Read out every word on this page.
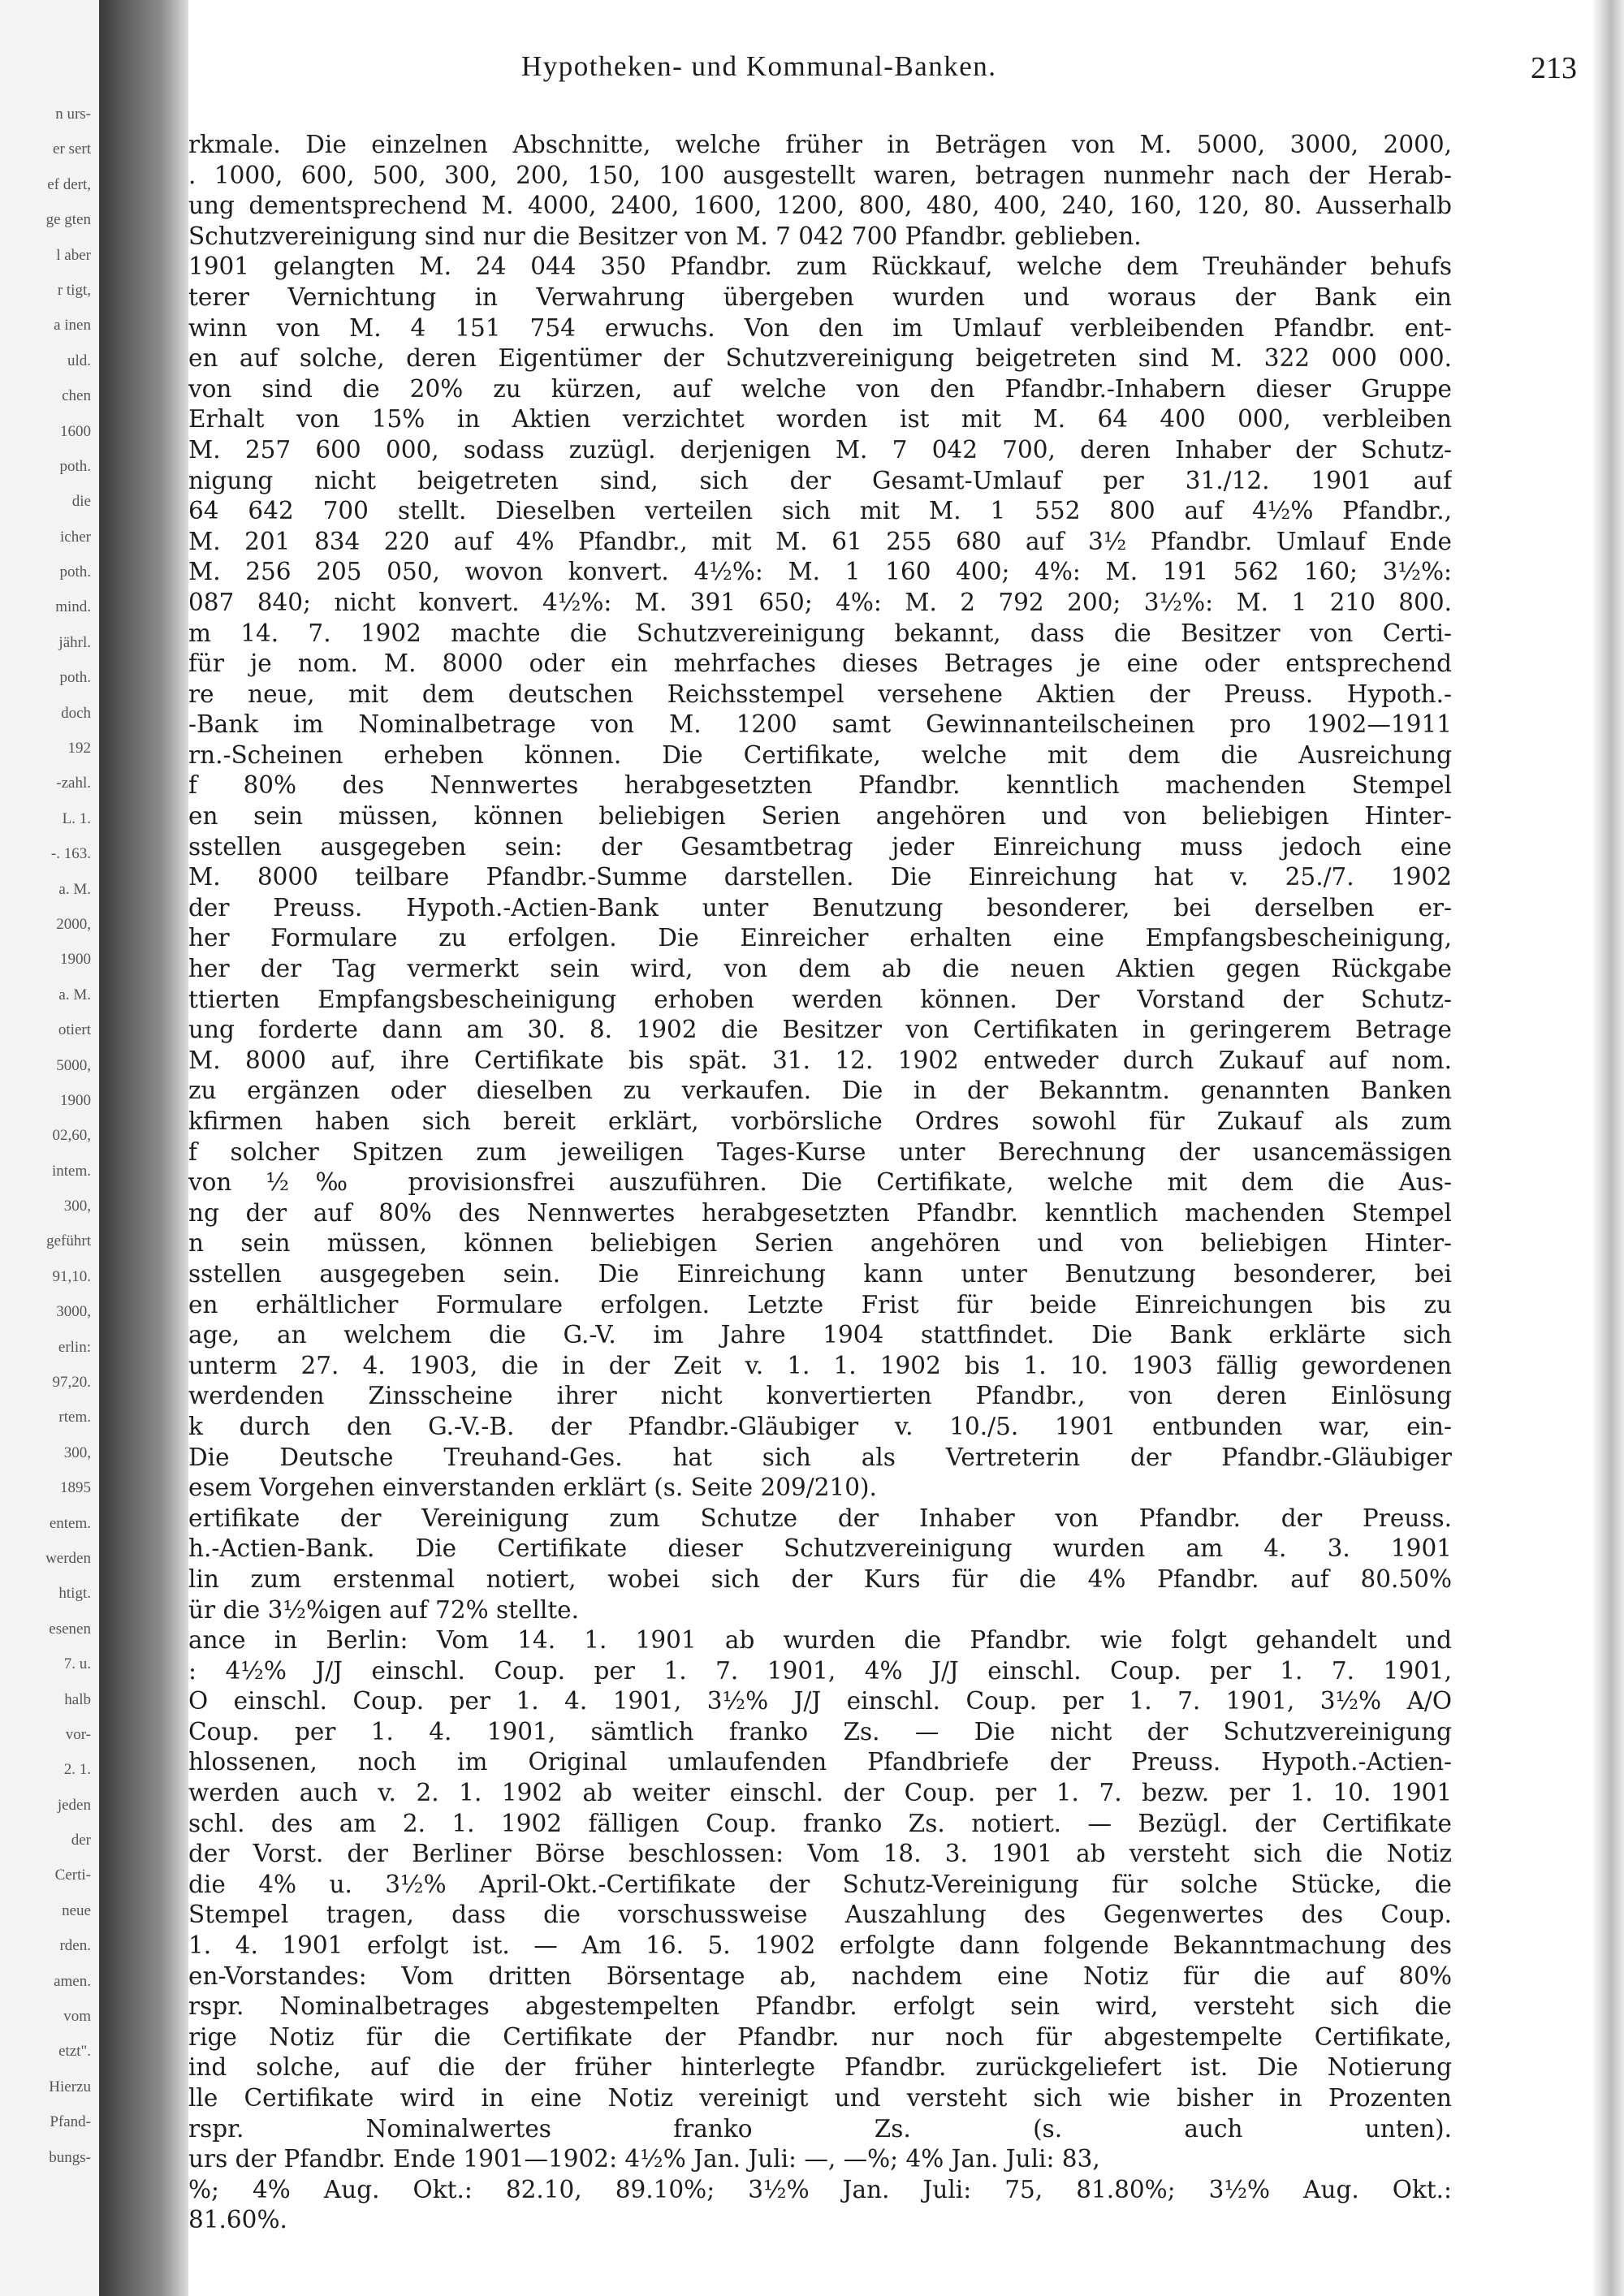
n urs-
er sert
ef dert,
ge gten
l aber
r tigt,
a inen
uld.
chen
1600
poth.
die
icher
poth.
mind.
jährl.
poth.
doch
192
-zahl.
L. 1.
-. 163.
a. M.
2000,
1900
a. M.
otiert
5000,
1900
02,60,
intem.
300,
geführt
91,10.
3000,
erlin:
97,20.
rtem.
300,
1895
entem.
werden
htigt.
esenen
7. u.
halb
vor-
2. 1.
jeden
der
Certi-
neue
rden.
amen.
vom
etzt".
Hierzu
Pfand-
bungs-
Hypotheken- und Kommunal-Banken.	213
rkmale. Die einzelnen Abschnitte, welche früher in Beträgen von M. 5000, 3000, 2000,
. 1000, 600, 500, 300, 200, 150, 100 ausgestellt waren, betragen nunmehr nach der Herab-
ung dementsprechend M. 4000, 2400, 1600, 1200, 800, 480, 400, 240, 160, 120, 80. Ausserhalb
Schutzvereinigung sind nur die Besitzer von M. 7 042 700 Pfandbr. geblieben.
1901 gelangten M. 24 044 350 Pfandbr. zum Rückkauf, welche dem Treuhänder behufs
terer Vernichtung in Verwahrung übergeben wurden und woraus der Bank ein
winn von M. 4 151 754 erwuchs. Von den im Umlauf verbleibenden Pfandbr. ent-
en auf solche, deren Eigentümer der Schutzvereinigung beigetreten sind M. 322 000 000.
von sind die 20% zu kürzen, auf welche von den Pfandbr.-Inhabern dieser Gruppe
Erhalt von 15% in Aktien verzichtet worden ist mit M. 64 400 000, verbleiben
M. 257 600 000, sodass zuzügl. derjenigen M. 7 042 700, deren Inhaber der Schutz-
nigung nicht beigetreten sind, sich der Gesamt-Umlauf per 31./12. 1901 auf
64 642 700 stellt. Dieselben verteilen sich mit M. 1 552 800 auf 4½% Pfandbr.,
M. 201 834 220 auf 4% Pfandbr., mit M. 61 255 680 auf 3½ Pfandbr. Umlauf Ende
M. 256 205 050, wovon konvert. 4½%: M. 1 160 400; 4%: M. 191 562 160; 3½%:
087 840; nicht konvert. 4½%: M. 391 650; 4%: M. 2 792 200; 3½%: M. 1 210 800.
m 14. 7. 1902 machte die Schutzvereinigung bekannt, dass die Besitzer von Certi-
für je nom. M. 8000 oder ein mehrfaches dieses Betrages je eine oder entsprechend
re neue, mit dem deutschen Reichsstempel versehene Aktien der Preuss. Hypoth.-
-Bank im Nominalbetrage von M. 1200 samt Gewinnanteilscheinen pro 1902—1911
rn.-Scheinen erheben können. Die Certifikate, welche mit dem die Ausreichung
f 80% des Nennwertes herabgesetzten Pfandbr. kenntlich machenden Stempel
en sein müssen, können beliebigen Serien angehören und von beliebigen Hinter-
sstellen ausgegeben sein: der Gesamtbetrag jeder Einreichung muss jedoch eine
M. 8000 teilbare Pfandbr.-Summe darstellen. Die Einreichung hat v. 25./7. 1902
der Preuss. Hypoth.-Actien-Bank unter Benutzung besonderer, bei derselben er-
her Formulare zu erfolgen. Die Einreicher erhalten eine Empfangsbescheinigung,
her der Tag vermerkt sein wird, von dem ab die neuen Aktien gegen Rückgabe
ttierten Empfangsbescheinigung erhoben werden können. Der Vorstand der Schutz-
ung forderte dann am 30. 8. 1902 die Besitzer von Certifikaten in geringerem Betrage
M. 8000 auf, ihre Certifikate bis spät. 31. 12. 1902 entweder durch Zukauf auf nom.
zu ergänzen oder dieselben zu verkaufen. Die in der Bekanntm. genannten Banken
kfirmen haben sich bereit erklärt, vorbörsliche Ordres sowohl für Zukauf als zum
f solcher Spitzen zum jeweiligen Tages-Kurse unter Berechnung der usancemässigen
von ½‰ provisionsfrei auszuführen. Die Certifikate, welche mit dem die Aus-
ng der auf 80% des Nennwertes herabgesetzten Pfandbr. kenntlich machenden Stempel
n sein müssen, können beliebigen Serien angehören und von beliebigen Hinter-
sstellen ausgegeben sein. Die Einreichung kann unter Benutzung besonderer, bei
en erhältlicher Formulare erfolgen. Letzte Frist für beide Einreichungen bis zu
age, an welchem die G.-V. im Jahre 1904 stattfindet. Die Bank erklärte sich
unterm 27. 4. 1903, die in der Zeit v. 1. 1. 1902 bis 1. 10. 1903 fällig gewordenen
werdenden Zinsscheine ihrer nicht konvertierten Pfandbr., von deren Einlösung
k durch den G.-V.-B. der Pfandbr.-Gläubiger v. 10./5. 1901 entbunden war, ein-
Die Deutsche Treuhand-Ges. hat sich als Vertreterin der Pfandbr.-Gläubiger
esem Vorgehen einverstanden erklärt (s. Seite 209/210).
ertifikate der Vereinigung zum Schutze der Inhaber von Pfandbr. der Preuss.
h.-Actien-Bank. Die Certifikate dieser Schutzvereinigung wurden am 4. 3. 1901
lin zum erstenmal notiert, wobei sich der Kurs für die 4% Pfandbr. auf 80.50%
ür die 3½%igen auf 72% stellte.
ance in Berlin: Vom 14. 1. 1901 ab wurden die Pfandbr. wie folgt gehandelt und
: 4½% J/J einschl. Coup. per 1. 7. 1901, 4% J/J einschl. Coup. per 1. 7. 1901,
O einschl. Coup. per 1. 4. 1901, 3½% J/J einschl. Coup. per 1. 7. 1901, 3½% A/O
Coup. per 1. 4. 1901, sämtlich franko Zs. — Die nicht der Schutzvereinigung
hlossenen, noch im Original umlaufenden Pfandbriefe der Preuss. Hypoth.-Actien-
werden auch v. 2. 1. 1902 ab weiter einschl. der Coup. per 1. 7. bezw. per 1. 10. 1901
schl. des am 2. 1. 1902 fälligen Coup. franko Zs. notiert. — Bezügl. der Certifikate
der Vorst. der Berliner Börse beschlossen: Vom 18. 3. 1901 ab versteht sich die Notiz
die 4% u. 3½% April-Okt.-Certifikate der Schutz-Vereinigung für solche Stücke, die
Stempel tragen, dass die vorschussweise Auszahlung des Gegenwertes des Coup.
1. 4. 1901 erfolgt ist. — Am 16. 5. 1902 erfolgte dann folgende Bekanntmachung des
en-Vorstandes: Vom dritten Börsentage ab, nachdem eine Notiz für die auf 80%
rspr. Nominalbetrages abgestempelten Pfandbr. erfolgt sein wird, versteht sich die
rige Notiz für die Certifikate der Pfandbr. nur noch für abgestempelte Certifikate,
ind solche, auf die der früher hinterlegte Pfandbr. zurückgeliefert ist. Die Notierung
lle Certifikate wird in eine Notiz vereinigt und versteht sich wie bisher in Prozenten
rspr. Nominalwertes franko Zs. (s. auch unten).
urs der Pfandbr. Ende 1901—1902: 4½% Jan. Juli: —, —%; 4% Jan. Juli: 83,
%; 4% Aug. Okt.: 82.10, 89.10%; 3½% Jan. Juli: 75, 81.80%; 3½% Aug. Okt.:
81.60%.
